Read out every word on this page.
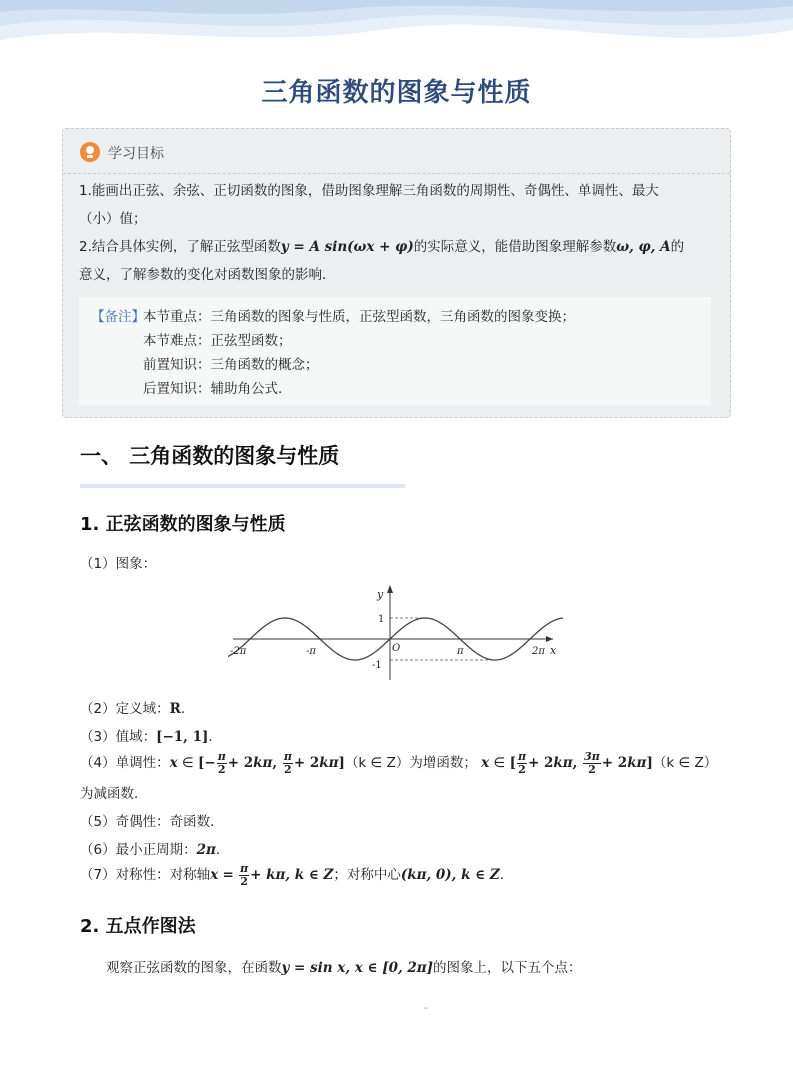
三角函数的图象与性质
学习目标
1.能画出正弦、余弦、正切函数的图象，借助图象理解三角函数的周期性、奇偶性、单调性、最大
（小）值；
2.结合具体实例，了解正弦型函数y = A sin(ωx + φ)的实际意义，能借助图象理解参数ω, φ, A的
意义，了解参数的变化对函数图象的影响．
【备注】
本节重点：三角函数的图象与性质，正弦型函数，三角函数的图象变换；
本节难点：正弦型函数；
前置知识：三角函数的概念；
后置知识：辅助角公式．
一、 三角函数的图象与性质
1. 正弦函数的图象与性质
（1）图象：
y
x
O
1
-1
-2π	-π	π	2π
（2）定义域：R.
（3）值域：[−1, 1].
（4）单调性：x ∈ [− $\frac{\pi}{2} + 2k\pi$, $\frac{\pi}{2} + 2k\pi](k$ ∈ Z）为增函数； x ∈ [ $\frac{\pi}{2} + 2k\pi$, $\frac{3\pi}{2} + 2k\pi](k$ ∈ Z）
为减函数．
（5）奇偶性：奇函数．
（6）最小正周期：2π.
（7）对称性：对称轴$x = \frac{\pi}{2} + k\pi$, k ∈ Z；对称中心(kπ, 0), k ∈ Z.
2. 五点作图法
观察正弦函数的图象，在函数y = sin x, x ∈ [0, 2π]的图象上，以下五个点：
-
